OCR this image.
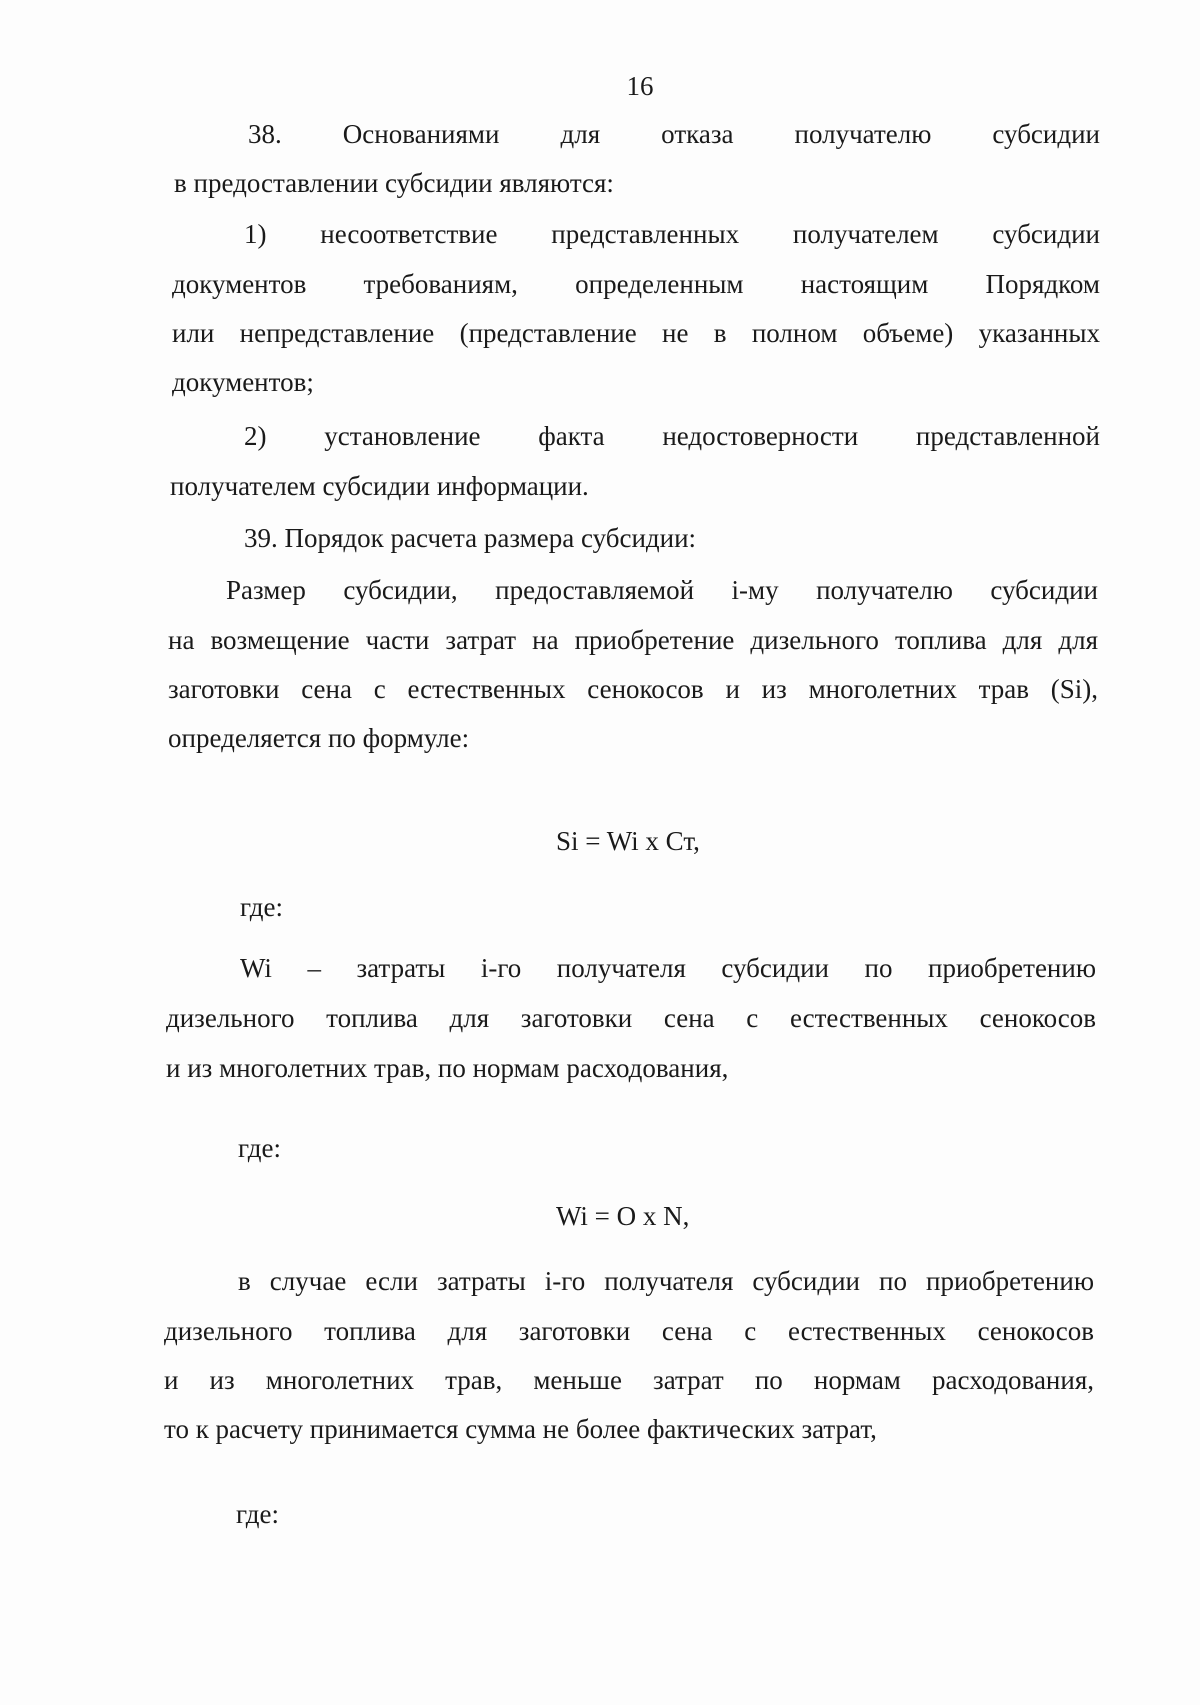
16
38. Основаниями для отказа получателю субсидии
в предоставлении субсидии являются:
1) несоответствие представленных получателем субсидии
документов требованиям, определенным настоящим Порядком
или непредставление (представление не в полном объеме) указанных
документов;
2) установление факта недостоверности представленной
получателем субсидии информации.
39. Порядок расчета размера субсидии:
Размер субсидии, предоставляемой i-му получателю субсидии
на возмещение части затрат на приобретение дизельного топлива для для
заготовки сена с естественных сенокосов и из многолетних трав (Si),
определяется по формуле:
Si = Wi x Ст,
где:
Wi – затраты i-го получателя субсидии по приобретению
дизельного топлива для заготовки сена с естественных сенокосов
и из многолетних трав, по нормам расходования,
где:
Wi = O x N,
в случае если затраты i-го получателя субсидии по приобретению
дизельного топлива для заготовки сена с естественных сенокосов
и из многолетних трав, меньше затрат по нормам расходования,
то к расчету принимается сумма не более фактических затрат,
где:
